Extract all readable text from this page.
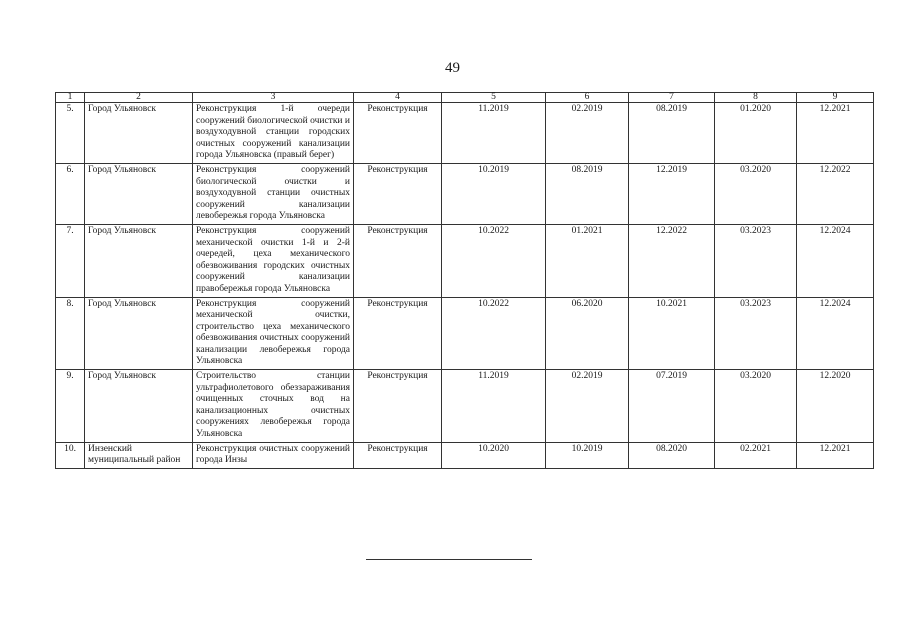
49
1	2	3	4	5	6	7	8	9
5.	Город Ульяновск	Реконструкция 1-й очереди сооружений биологической очистки и воздуходувной станции городских очистных сооружений канализации города Ульяновска (правый берег)	Реконструкция	11.2019	02.2019	08.2019	01.2020	12.2021
6.	Город Ульяновск	Реконструкция сооружений биологической очистки и воздуходувной станции очистных сооружений канализации левобережья города Ульяновска	Реконструкция	10.2019	08.2019	12.2019	03.2020	12.2022
7.	Город Ульяновск	Реконструкция сооружений механической очистки 1-й и 2-й очередей, цеха механического обезвоживания городских очистных сооружений канализации правобережья города Ульяновска	Реконструкция	10.2022	01.2021	12.2022	03.2023	12.2024
8.	Город Ульяновск	Реконструкция сооружений механической очистки, строительство цеха механического обезвоживания очистных сооружений канализации левобережья города Ульяновска	Реконструкция	10.2022	06.2020	10.2021	03.2023	12.2024
9.	Город Ульяновск	Строительство станции ультрафиолетового обеззараживания очищенных сточных вод на канализационных очистных сооружениях левобережья города Ульяновска	Реконструкция	11.2019	02.2019	07.2019	03.2020	12.2020
10.	Инзенский муниципальный район	Реконструкция очистных сооружений города Инзы	Реконструкция	10.2020	10.2019	08.2020	02.2021	12.2021
